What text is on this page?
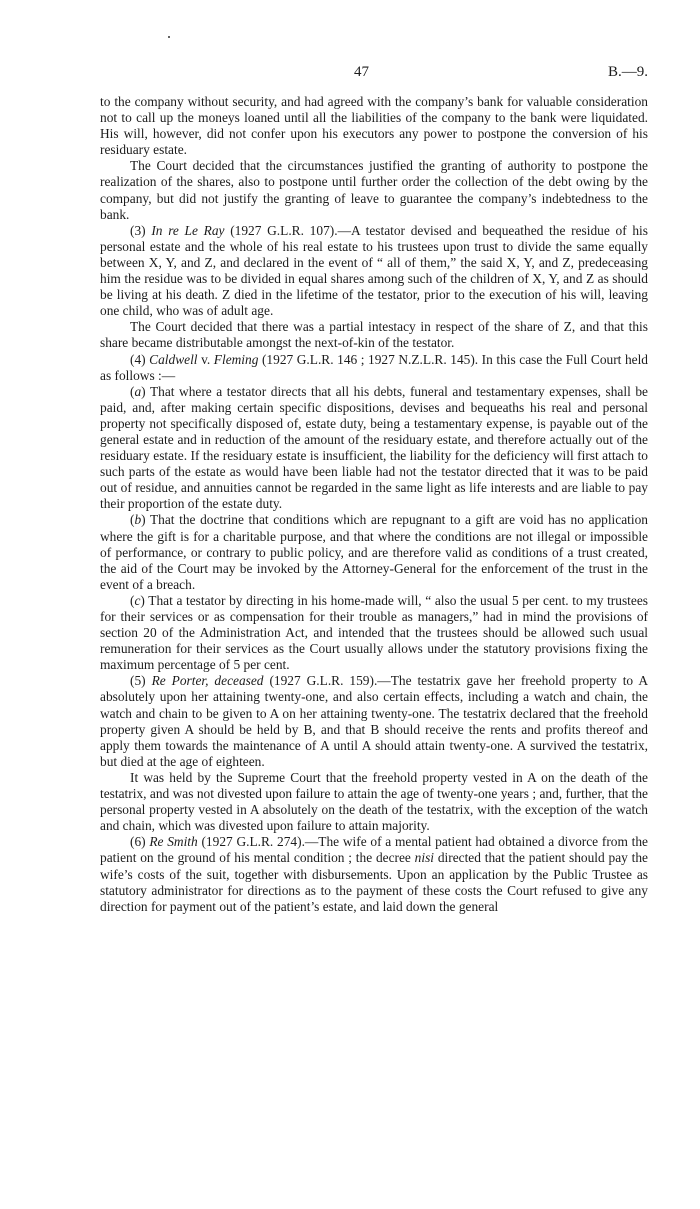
47	B.—9.

to the company without security, and had agreed with the company’s bank for valuable consideration not to call up the moneys loaned until all the liabilities of the company to the bank were liquidated. His will, however, did not confer upon his executors any power to postpone the conversion of his residuary estate.

The Court decided that the circumstances justified the granting of authority to postpone the realization of the shares, also to postpone until further order the collection of the debt owing by the company, but did not justify the granting of leave to guarantee the company’s indebtedness to the bank.

(3) In re Le Ray (1927 G.L.R. 107).—A testator devised and bequeathed the residue of his personal estate and the whole of his real estate to his trustees upon trust to divide the same equally between X, Y, and Z, and declared in the event of “ all of them,” the said X, Y, and Z, predeceasing him the residue was to be divided in equal shares among such of the children of X, Y, and Z as should be living at his death. Z died in the lifetime of the testator, prior to the execution of his will, leaving one child, who was of adult age.

The Court decided that there was a partial intestacy in respect of the share of Z, and that this share became distributable amongst the next-of-kin of the testator.

(4) Caldwell v. Fleming (1927 G.L.R. 146 ; 1927 N.Z.L.R. 145). In this case the Full Court held as follows :—

(a) That where a testator directs that all his debts, funeral and testamentary expenses, shall be paid, and, after making certain specific dispositions, devises and bequeaths his real and personal property not specifically disposed of, estate duty, being a testamentary expense, is payable out of the general estate and in reduction of the amount of the residuary estate, and therefore actually out of the residuary estate. If the residuary estate is insufficient, the liability for the deficiency will first attach to such parts of the estate as would have been liable had not the testator directed that it was to be paid out of residue, and annuities cannot be regarded in the same light as life interests and are liable to pay their proportion of the estate duty.

(b) That the doctrine that conditions which are repugnant to a gift are void has no application where the gift is for a charitable purpose, and that where the conditions are not illegal or impossible of performance, or contrary to public policy, and are therefore valid as conditions of a trust created, the aid of the Court may be invoked by the Attorney-General for the enforcement of the trust in the event of a breach.

(c) That a testator by directing in his home-made will, “ also the usual 5 per cent. to my trustees for their services or as compensation for their trouble as managers,” had in mind the provisions of section 20 of the Administration Act, and intended that the trustees should be allowed such usual remuneration for their services as the Court usually allows under the statutory provisions fixing the maximum percentage of 5 per cent.

(5) Re Porter, deceased (1927 G.L.R. 159).—The testatrix gave her freehold property to A absolutely upon her attaining twenty-one, and also certain effects, including a watch and chain, the watch and chain to be given to A on her attaining twenty-one. The testatrix declared that the freehold property given A should be held by B, and that B should receive the rents and profits thereof and apply them towards the maintenance of A until A should attain twenty-one. A survived the testatrix, but died at the age of eighteen.

It was held by the Supreme Court that the freehold property vested in A on the death of the testatrix, and was not divested upon failure to attain the age of twenty-one years ; and, further, that the personal property vested in A absolutely on the death of the testatrix, with the exception of the watch and chain, which was divested upon failure to attain majority.

(6) Re Smith (1927 G.L.R. 274).—The wife of a mental patient had obtained a divorce from the patient on the ground of his mental condition ; the decree nisi directed that the patient should pay the wife’s costs of the suit, together with disbursements. Upon an application by the Public Trustee as statutory administrator for directions as to the payment of these costs the Court refused to give any direction for payment out of the patient’s estate, and laid down the general
